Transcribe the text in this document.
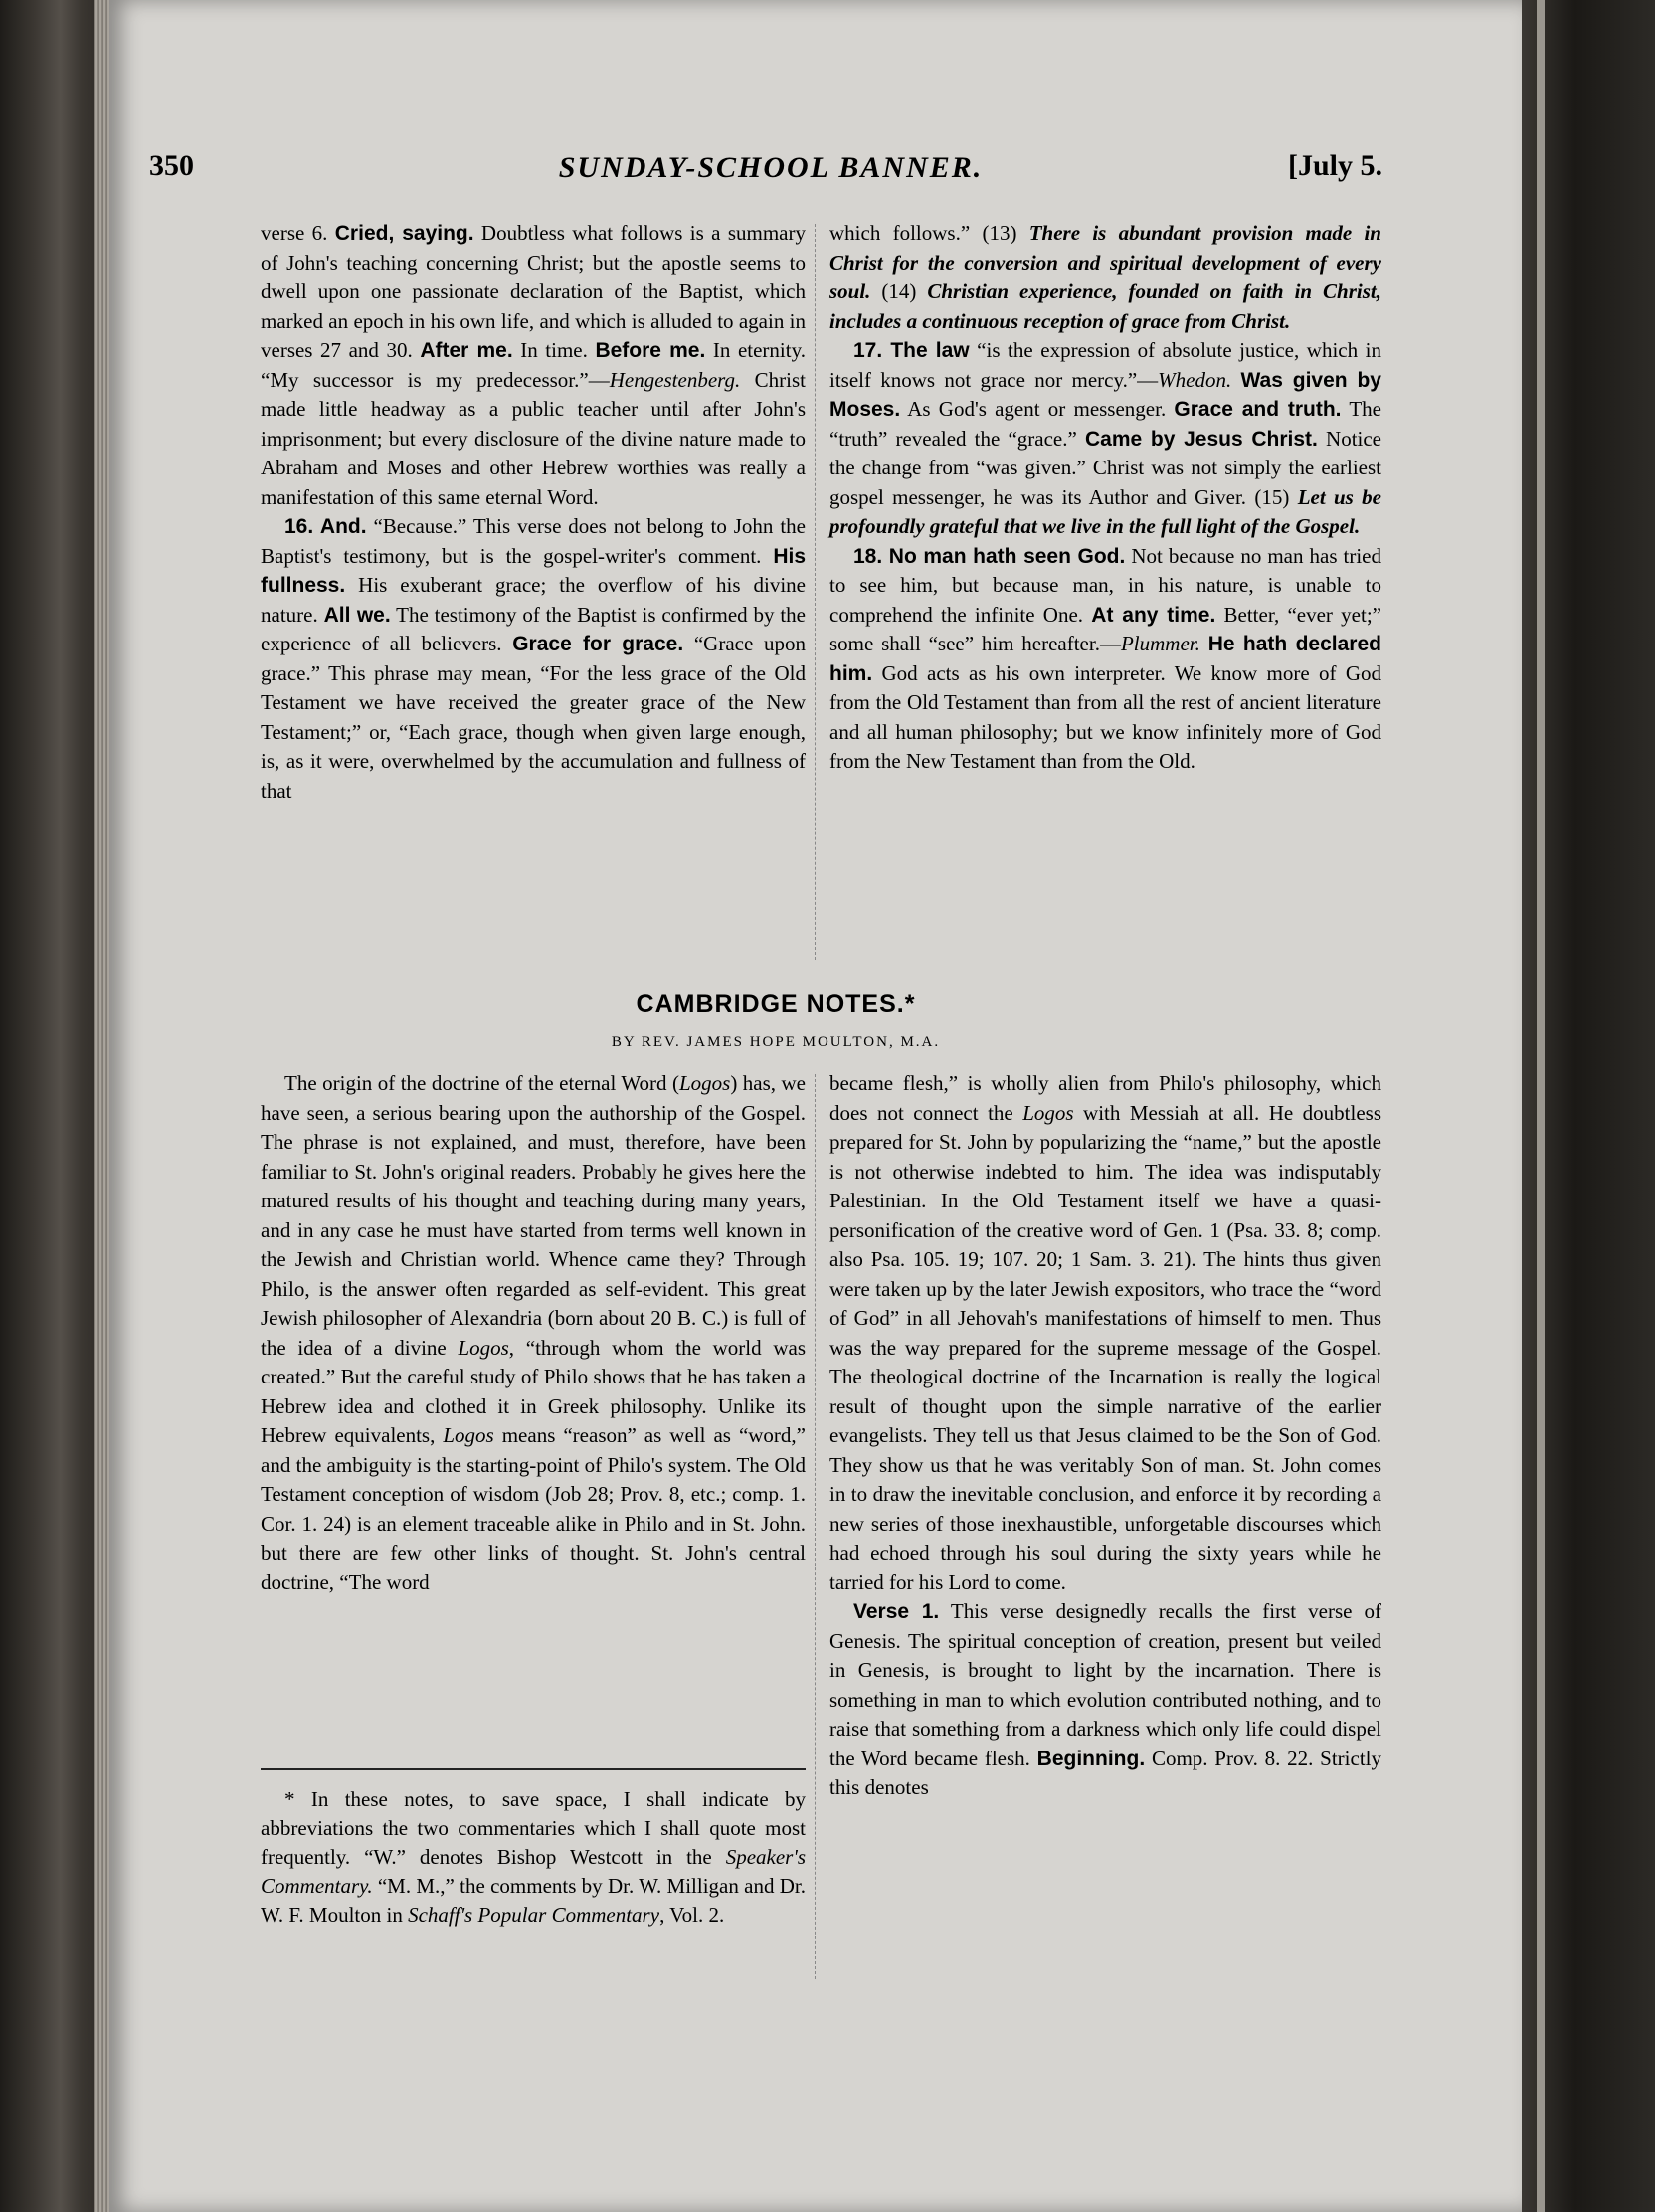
350	SUNDAY-SCHOOL BANNER.	[July 5.

verse 6. Cried, saying. Doubtless what follows is a summary of John's teaching concerning Christ; but the apostle seems to dwell upon one passionate declaration of the Baptist, which marked an epoch in his own life, and which is alluded to again in verses 27 and 30. After me. In time. Before me. In eternity. “My successor is my predecessor.”—Hengestenberg. Christ made little headway as a public teacher until after John's imprisonment; but every disclosure of the divine nature made to Abraham and Moses and other Hebrew worthies was really a manifestation of this same eternal Word.

16. And. “Because.” This verse does not belong to John the Baptist's testimony, but is the gospel-writer's comment. His fullness. His exuberant grace; the overflow of his divine nature. All we. The testimony of the Baptist is confirmed by the experience of all believers. Grace for grace. “Grace upon grace.” This phrase may mean, “For the less grace of the Old Testament we have received the greater grace of the New Testament;” or, “Each grace, though when given large enough, is, as it were, overwhelmed by the accumulation and fullness of that

which follows.” (13) There is abundant provision made in Christ for the conversion and spiritual development of every soul. (14) Christian experience, founded on faith in Christ, includes a continuous reception of grace from Christ.

17. The law “is the expression of absolute justice, which in itself knows not grace nor mercy.”—Whedon. Was given by Moses. As God's agent or messenger. Grace and truth. The “truth” revealed the “grace.” Came by Jesus Christ. Notice the change from “was given.” Christ was not simply the earliest gospel messenger, he was its Author and Giver. (15) Let us be profoundly grateful that we live in the full light of the Gospel.

18. No man hath seen God. Not because no man has tried to see him, but because man, in his nature, is unable to comprehend the infinite One. At any time. Better, “ever yet;” some shall “see” him hereafter.—Plummer. He hath declared him. God acts as his own interpreter. We know more of God from the Old Testament than from all the rest of ancient literature and all human philosophy; but we know infinitely more of God from the New Testament than from the Old.

CAMBRIDGE NOTES.*
BY REV. JAMES HOPE MOULTON, M.A.

The origin of the doctrine of the eternal Word (Logos) has, we have seen, a serious bearing upon the authorship of the Gospel. The phrase is not explained, and must, therefore, have been familiar to St. John's original readers. Probably he gives here the matured results of his thought and teaching during many years, and in any case he must have started from terms well known in the Jewish and Christian world. Whence came they? Through Philo, is the answer often regarded as self-evident. This great Jewish philosopher of Alexandria (born about 20 B. C.) is full of the idea of a divine Logos, “through whom the world was created.” But the careful study of Philo shows that he has taken a Hebrew idea and clothed it in Greek philosophy. Unlike its Hebrew equivalents, Logos means “reason” as well as “word,” and the ambiguity is the starting-point of Philo's system. The Old Testament conception of wisdom (Job 28; Prov. 8, etc.; comp. 1. Cor. 1. 24) is an element traceable alike in Philo and in St. John. but there are few other links of thought. St. John's central doctrine, “The word

became flesh,” is wholly alien from Philo's philosophy, which does not connect the Logos with Messiah at all. He doubtless prepared for St. John by popularizing the “name,” but the apostle is not otherwise indebted to him. The idea was indisputably Palestinian. In the Old Testament itself we have a quasi-personification of the creative word of Gen. 1 (Psa. 33. 8; comp. also Psa. 105. 19; 107. 20; 1 Sam. 3. 21). The hints thus given were taken up by the later Jewish expositors, who trace the “word of God” in all Jehovah's manifestations of himself to men. Thus was the way prepared for the supreme message of the Gospel. The theological doctrine of the Incarnation is really the logical result of thought upon the simple narrative of the earlier evangelists. They tell us that Jesus claimed to be the Son of God. They show us that he was veritably Son of man. St. John comes in to draw the inevitable conclusion, and enforce it by recording a new series of those inexhaustible, unforgetable discourses which had echoed through his soul during the sixty years while he tarried for his Lord to come.

Verse 1. This verse designedly recalls the first verse of Genesis. The spiritual conception of creation, present but veiled in Genesis, is brought to light by the incarnation. There is something in man to which evolution contributed nothing, and to raise that something from a darkness which only life could dispel the Word became flesh. Beginning. Comp. Prov. 8. 22. Strictly this denotes

* In these notes, to save space, I shall indicate by abbreviations the two commentaries which I shall quote most frequently. “W.” denotes Bishop Westcott in the Speaker's Commentary. “M. M.,” the comments by Dr. W. Milligan and Dr. W. F. Moulton in Schaff's Popular Commentary, Vol. 2.
